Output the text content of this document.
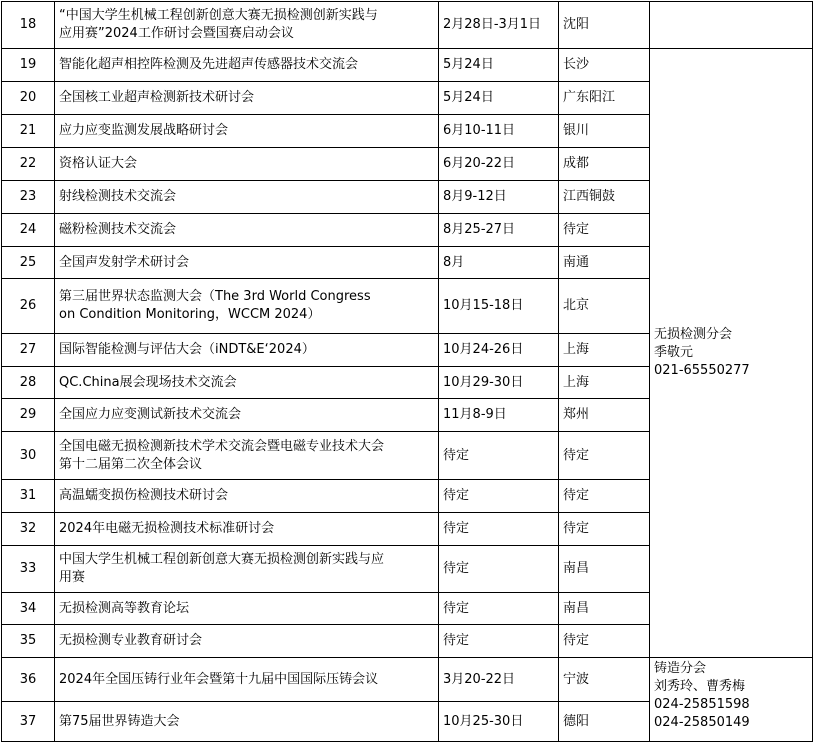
18	“中国大学生机械工程创新创意大赛无损检测创新实践与
应用赛”2024工作研讨会暨国赛启动会议	2月28日-3月1日	沈阳	
19	智能化超声相控阵检测及先进超声传感器技术交流会	5月24日	长沙	无损检测分会
季敬元
021-65550277

20	全国核工业超声检测新技术研讨会	5月24日	广东阳江	
21	应力应变监测发展战略研讨会	6月10-11日	银川	
22	资格认证大会	6月20-22日	成都	
23	射线检测技术交流会	8月9-12日	江西铜鼓	
24	磁粉检测技术交流会	8月25-27日	待定	
25	全国声发射学术研讨会	8月	南通	
26	第三届世界状态监测大会（The 3rd World Congress
on Condition Monitoring，WCCM 2024）	10月15-18日	北京	
27	国际智能检测与评估大会（iNDT&E‘2024）	10月24-26日	上海	
28	QC.China展会现场技术交流会	10月29-30日	上海	
29	全国应力应变测试新技术交流会	11月8-9日	郑州	
30	全国电磁无损检测新技术学术交流会暨电磁专业技术大会
第十二届第二次全体会议	待定	待定	
31	高温蠕变损伤检测技术研讨会	待定	待定	
32	2024年电磁无损检测技术标准研讨会	待定	待定	
33	中国大学生机械工程创新创意大赛无损检测创新实践与应
用赛	待定	南昌	
34	无损检测高等教育论坛	待定	南昌	
35	无损检测专业教育研讨会	待定	待定	
36	2024年全国压铸行业年会暨第十九届中国国际压铸会议	3月20-22日	宁波	铸造分会
刘秀玲、曹秀梅
024-25851598
024-25850149

37	第75届世界铸造大会	10月25-30日	德阳	
